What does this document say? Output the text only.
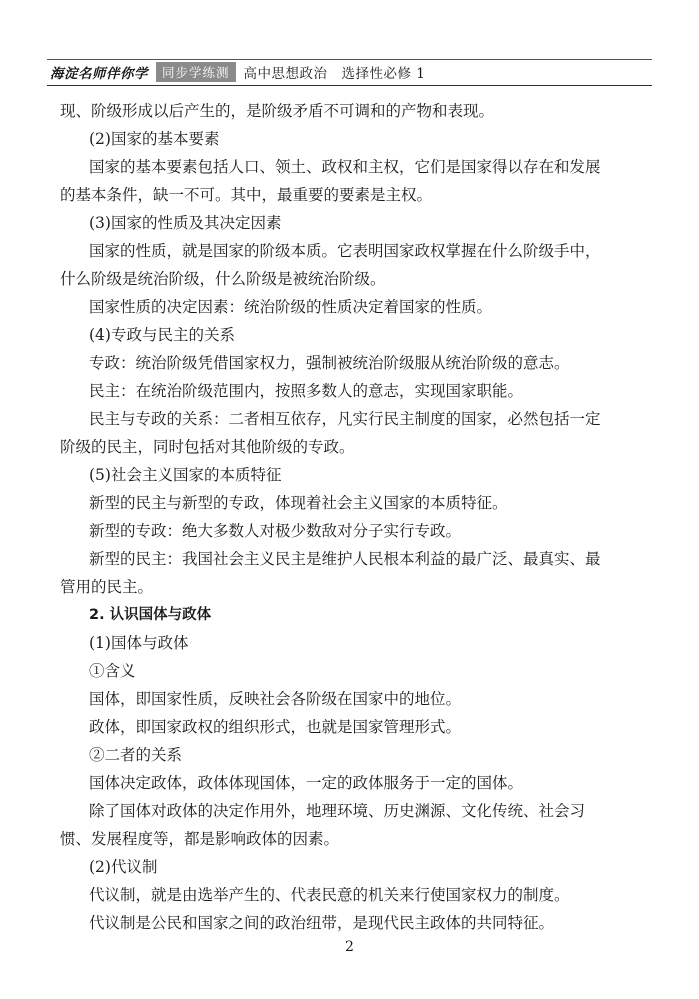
海淀名师伴你学	同步学练测	高中思想政治　选择性必修 1
现、阶级形成以后产生的，是阶级矛盾不可调和的产物和表现。
(2)国家的基本要素
国家的基本要素包括人口、领土、政权和主权，它们是国家得以存在和发展
的基本条件，缺一不可。其中，最重要的要素是主权。
(3)国家的性质及其决定因素
国家的性质，就是国家的阶级本质。它表明国家政权掌握在什么阶级手中，
什么阶级是统治阶级，什么阶级是被统治阶级。
国家性质的决定因素：统治阶级的性质决定着国家的性质。
(4)专政与民主的关系
专政：统治阶级凭借国家权力，强制被统治阶级服从统治阶级的意志。
民主：在统治阶级范围内，按照多数人的意志，实现国家职能。
民主与专政的关系：二者相互依存，凡实行民主制度的国家，必然包括一定
阶级的民主，同时包括对其他阶级的专政。
(5)社会主义国家的本质特征
新型的民主与新型的专政，体现着社会主义国家的本质特征。
新型的专政：绝大多数人对极少数敌对分子实行专政。
新型的民主：我国社会主义民主是维护人民根本利益的最广泛、最真实、最
管用的民主。
2. 认识国体与政体
(1)国体与政体
①含义
国体，即国家性质，反映社会各阶级在国家中的地位。
政体，即国家政权的组织形式，也就是国家管理形式。
②二者的关系
国体决定政体，政体体现国体，一定的政体服务于一定的国体。
除了国体对政体的决定作用外，地理环境、历史渊源、文化传统、社会习
惯、发展程度等，都是影响政体的因素。
(2)代议制
代议制，就是由选举产生的、代表民意的机关来行使国家权力的制度。
代议制是公民和国家之间的政治纽带，是现代民主政体的共同特征。
2
